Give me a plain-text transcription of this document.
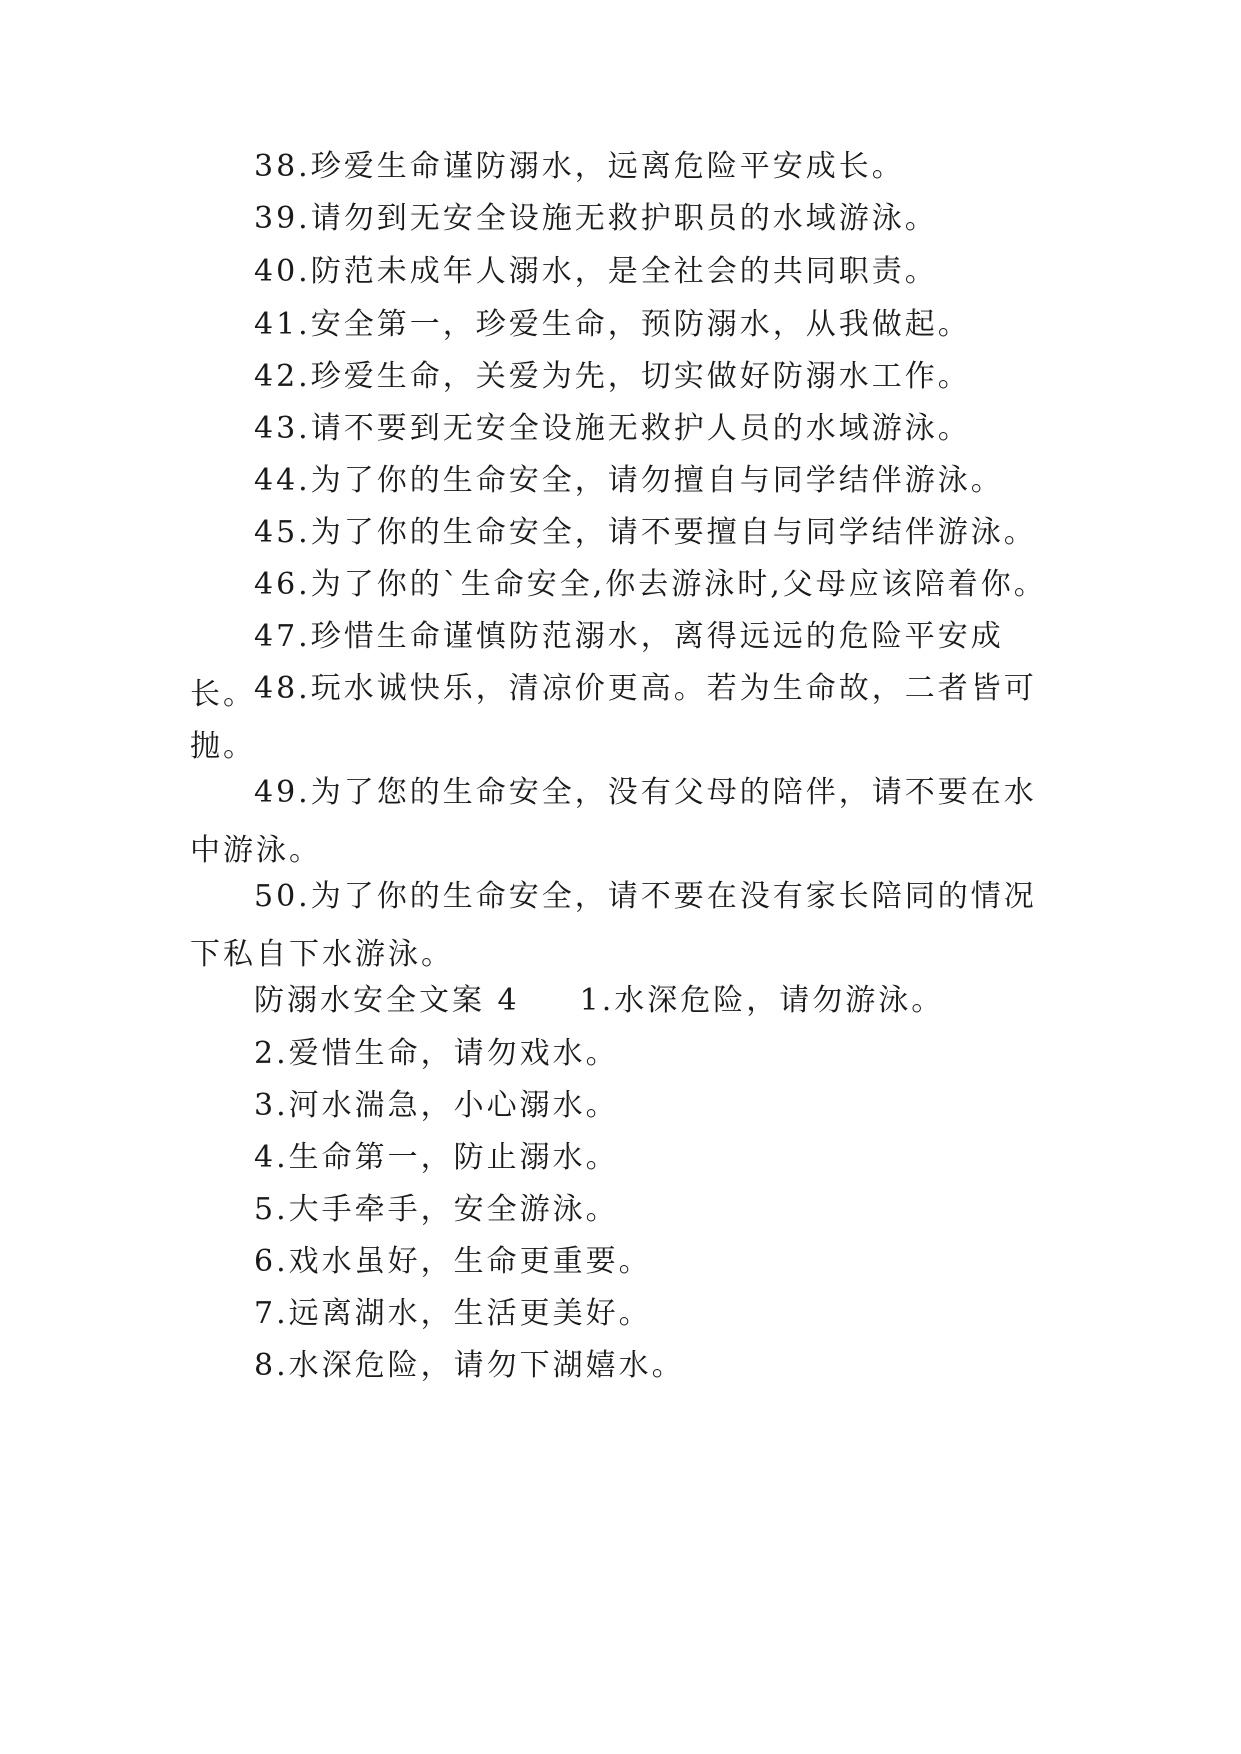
38.珍爱生命谨防溺水，远离危险平安成长。

39.请勿到无安全设施无救护职员的水域游泳。

40.防范未成年人溺水，是全社会的共同职责。

41.安全第一，珍爱生命，预防溺水，从我做起。

42.珍爱生命，关爱为先，切实做好防溺水工作。

43.请不要到无安全设施无救护人员的水域游泳。

44.为了你的生命安全，请勿擅自与同学结伴游泳。

45.为了你的生命安全，请不要擅自与同学结伴游泳。

46.为了你的`生命安全,你去游泳时,父母应该陪着你。

47.珍惜生命谨慎防范溺水，离得远远的危险平安成长。

48.玩水诚快乐，清凉价更高。若为生命故，二者皆可抛。

49.为了您的生命安全，没有父母的陪伴，请不要在水中游泳。

50.为了你的生命安全，请不要在没有家长陪同的情况下私自下水游泳。

防溺水安全文案 4 1.水深危险，请勿游泳。

2.爱惜生命，请勿戏水。

3.河水湍急，小心溺水。

4.生命第一，防止溺水。

5.大手牵手，安全游泳。

6.戏水虽好，生命更重要。

7.远离湖水，生活更美好。

8.水深危险，请勿下湖嬉水。
